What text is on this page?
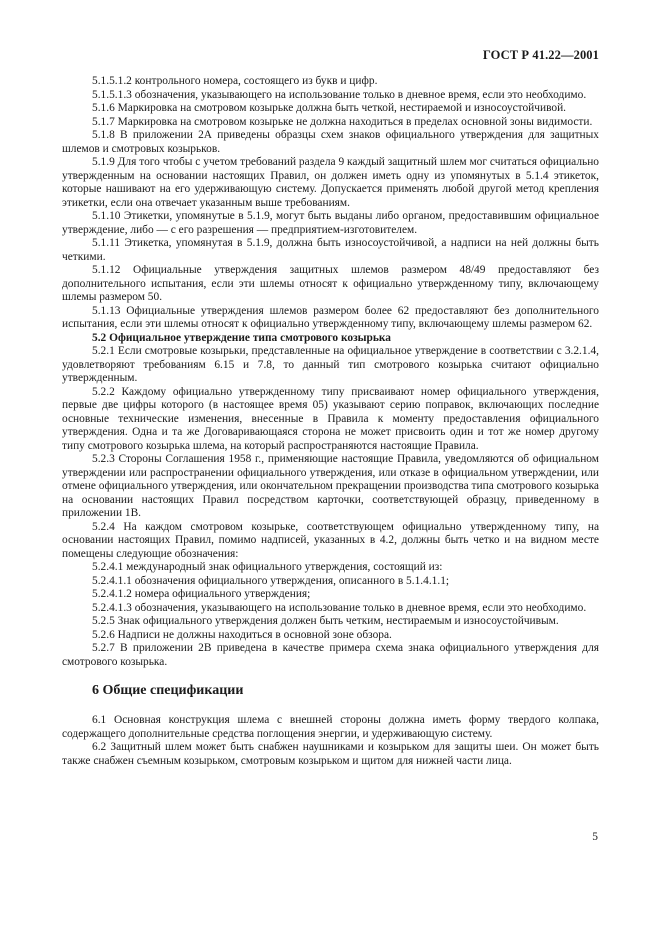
ГОСТ Р 41.22—2001

5.1.5.1.2 контрольного номера, состоящего из букв и цифр.

5.1.5.1.3 обозначения, указывающего на использование только в дневное время, если это необходимо.

5.1.6 Маркировка на смотровом козырьке должна быть четкой, нестираемой и износоустойчивой.

5.1.7 Маркировка на смотровом козырьке не должна находиться в пределах основной зоны видимости.

5.1.8 В приложении 2А приведены образцы схем знаков официального утверждения для защитных шлемов и смотровых козырьков.

5.1.9 Для того чтобы с учетом требований раздела 9 каждый защитный шлем мог считаться официально утвержденным на основании настоящих Правил, он должен иметь одну из упомянутых в 5.1.4 этикеток, которые нашивают на его удерживающую систему. Допускается применять любой другой метод крепления этикетки, если она отвечает указанным выше требованиям.

5.1.10 Этикетки, упомянутые в 5.1.9, могут быть выданы либо органом, предоставившим официальное утверждение, либо — с его разрешения — предприятием-изготовителем.

5.1.11 Этикетка, упомянутая в 5.1.9, должна быть износоустойчивой, а надписи на ней должны быть четкими.

5.1.12 Официальные утверждения защитных шлемов размером 48/49 предоставляют без дополнительного испытания, если эти шлемы относят к официально утвержденному типу, включающему шлемы размером 50.

5.1.13 Официальные утверждения шлемов размером более 62 предоставляют без дополнительного испытания, если эти шлемы относят к официально утвержденному типу, включающему шлемы размером 62.

5.2 Официальное утверждение типа смотрового козырька

5.2.1 Если смотровые козырьки, представленные на официальное утверждение в соответствии с 3.2.1.4, удовлетворяют требованиям 6.15 и 7.8, то данный тип смотрового козырька считают официально утвержденным.

5.2.2 Каждому официально утвержденному типу присваивают номер официального утверждения, первые две цифры которого (в настоящее время 05) указывают серию поправок, включающих последние основные технические изменения, внесенные в Правила к моменту предоставления официального утверждения. Одна и та же Договаривающаяся сторона не может присвоить один и тот же номер другому типу смотрового козырька шлема, на который распространяются настоящие Правила.

5.2.3 Стороны Соглашения 1958 г., применяющие настоящие Правила, уведомляются об официальном утверждении или распространении официального утверждения, или отказе в официальном утверждении, или отмене официального утверждения, или окончательном прекращении производства типа смотрового козырька на основании настоящих Правил посредством карточки, соответствующей образцу, приведенному в приложении 1В.

5.2.4 На каждом смотровом козырьке, соответствующем официально утвержденному типу, на основании настоящих Правил, помимо надписей, указанных в 4.2, должны быть четко и на видном месте помещены следующие обозначения:

5.2.4.1 международный знак официального утверждения, состоящий из:

5.2.4.1.1 обозначения официального утверждения, описанного в 5.1.4.1.1;

5.2.4.1.2 номера официального утверждения;

5.2.4.1.3 обозначения, указывающего на использование только в дневное время, если это необходимо.

5.2.5 Знак официального утверждения должен быть четким, нестираемым и износоустойчивым.

5.2.6 Надписи не должны находиться в основной зоне обзора.

5.2.7 В приложении 2В приведена в качестве примера схема знака официального утверждения для смотрового козырька.

6 Общие спецификации

6.1 Основная конструкция шлема с внешней стороны должна иметь форму твердого колпака, содержащего дополнительные средства поглощения энергии, и удерживающую систему.

6.2 Защитный шлем может быть снабжен наушниками и козырьком для защиты шеи. Он может быть также снабжен съемным козырьком, смотровым козырьком и щитом для нижней части лица.

5
